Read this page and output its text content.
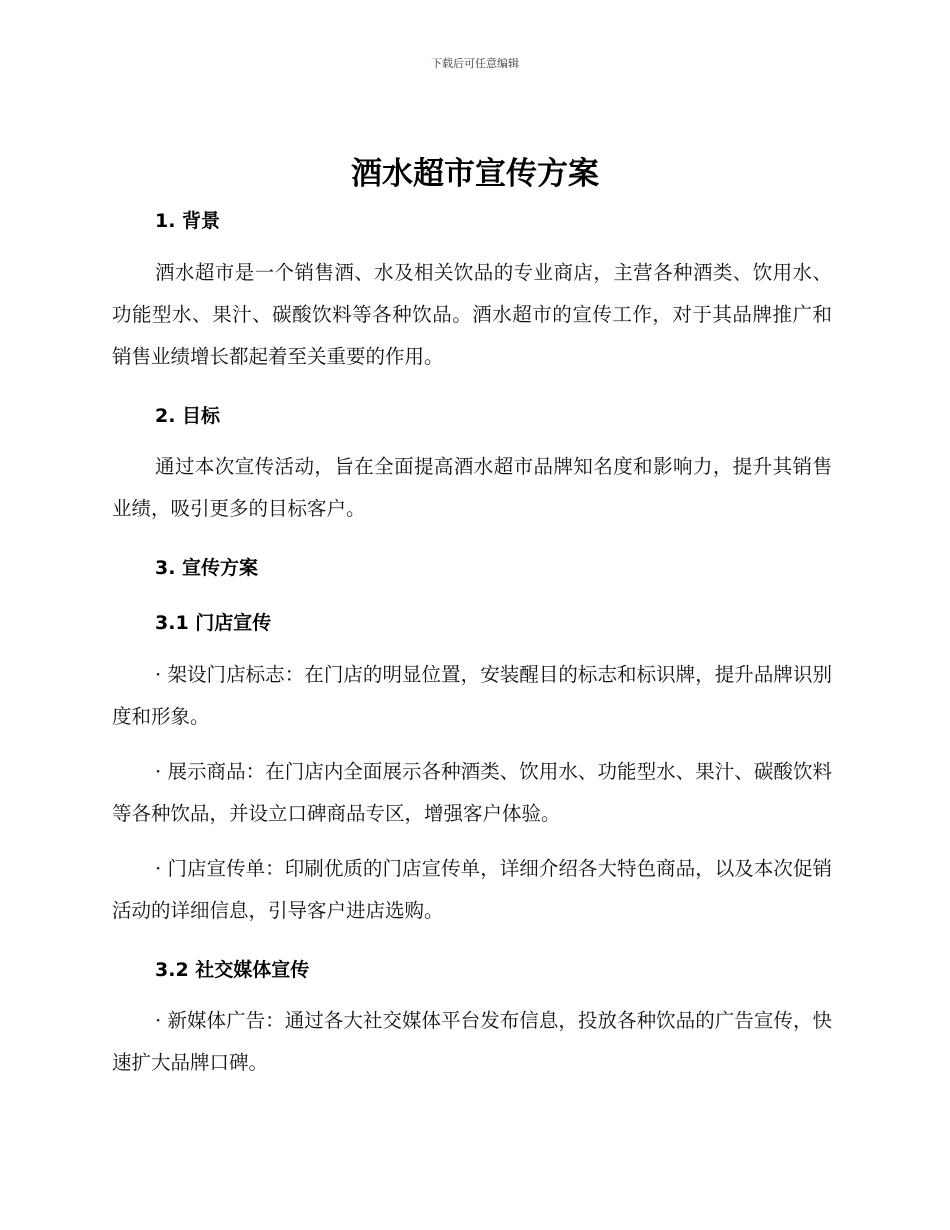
下载后可任意编辑
酒水超市宣传方案
1. 背景

酒水超市是一个销售酒、水及相关饮品的专业商店，主营各种酒类、饮用水、功能型水、果汁、碳酸饮料等各种饮品。酒水超市的宣传工作，对于其品牌推广和销售业绩增长都起着至关重要的作用。

2. 目标

通过本次宣传活动，旨在全面提高酒水超市品牌知名度和影响力，提升其销售业绩，吸引更多的目标客户。

3. 宣传方案
3.1 门店宣传

· 架设门店标志：在门店的明显位置，安装醒目的标志和标识牌，提升品牌识别度和形象。

· 展示商品：在门店内全面展示各种酒类、饮用水、功能型水、果汁、碳酸饮料等各种饮品，并设立口碑商品专区，增强客户体验。

· 门店宣传单：印刷优质的门店宣传单，详细介绍各大特色商品，以及本次促销活动的详细信息，引导客户进店选购。

3.2 社交媒体宣传

· 新媒体广告：通过各大社交媒体平台发布信息，投放各种饮品的广告宣传，快速扩大品牌口碑。
